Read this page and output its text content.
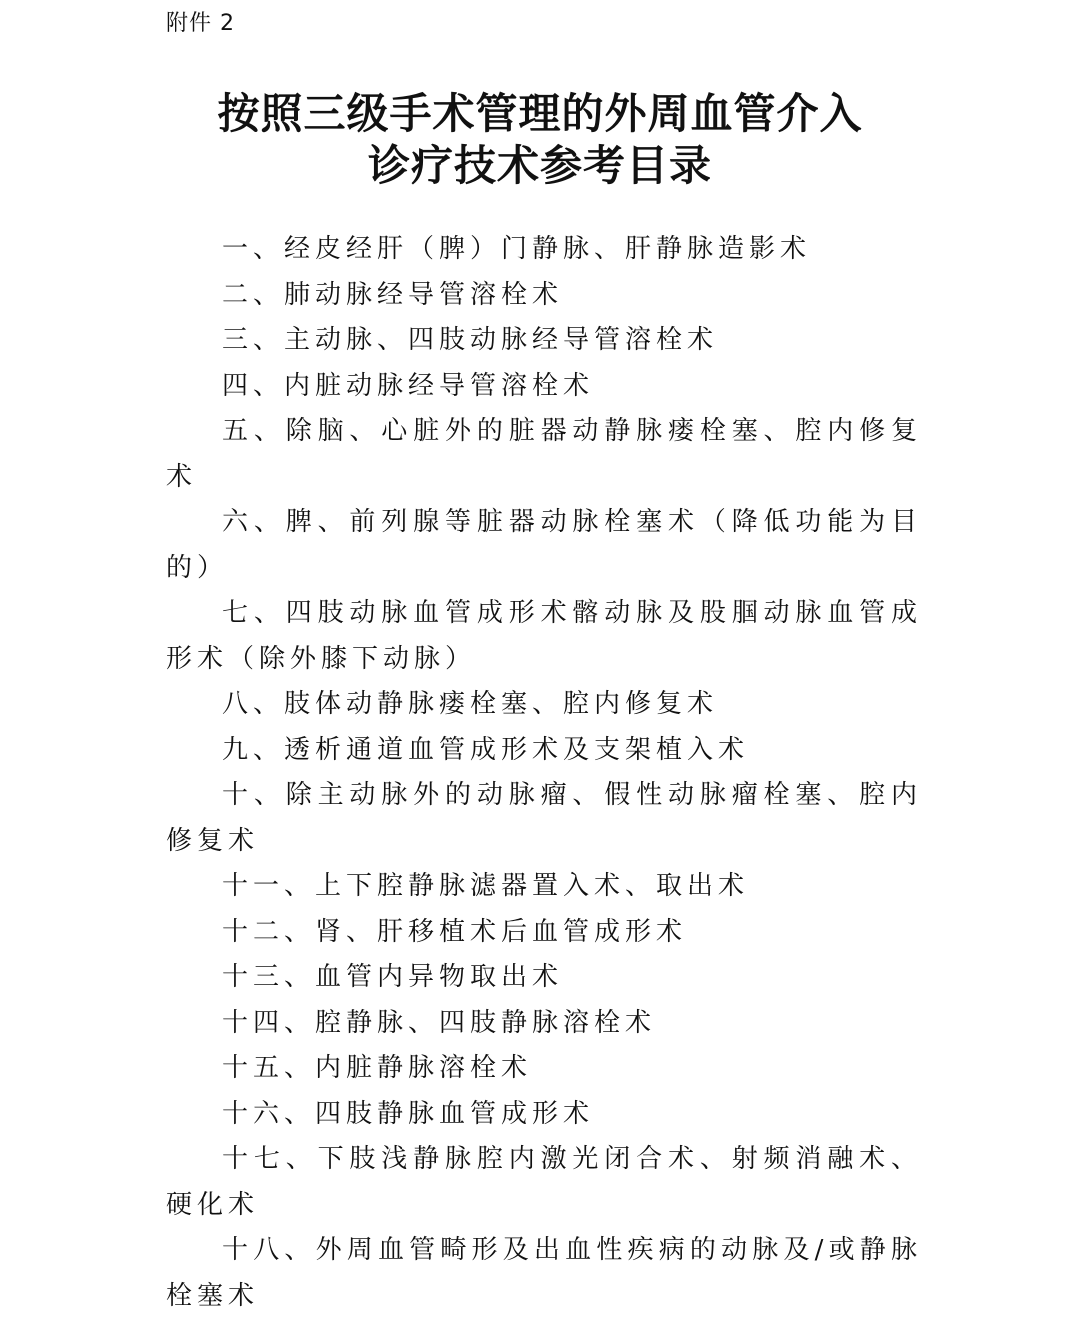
附件 2
按照三级手术管理的外周血管介入
诊疗技术参考目录
一、经皮经肝（脾）门静脉、肝静脉造影术
二、肺动脉经导管溶栓术
三、主动脉、四肢动脉经导管溶栓术
四、内脏动脉经导管溶栓术
五、除脑、心脏外的脏器动静脉瘘栓塞、腔内修复术
六、脾、前列腺等脏器动脉栓塞术（降低功能为目的）
七、四肢动脉血管成形术髂动脉及股腘动脉血管成形术（除外膝下动脉）
八、肢体动静脉瘘栓塞、腔内修复术
九、透析通道血管成形术及支架植入术
十、除主动脉外的动脉瘤、假性动脉瘤栓塞、腔内修复术
十一、上下腔静脉滤器置入术、取出术
十二、肾、肝移植术后血管成形术
十三、血管内异物取出术
十四、腔静脉、四肢静脉溶栓术
十五、内脏静脉溶栓术
十六、四肢静脉血管成形术
十七、下肢浅静脉腔内激光闭合术、射频消融术、硬化术
十八、外周血管畸形及出血性疾病的动脉及/或静脉栓塞术
